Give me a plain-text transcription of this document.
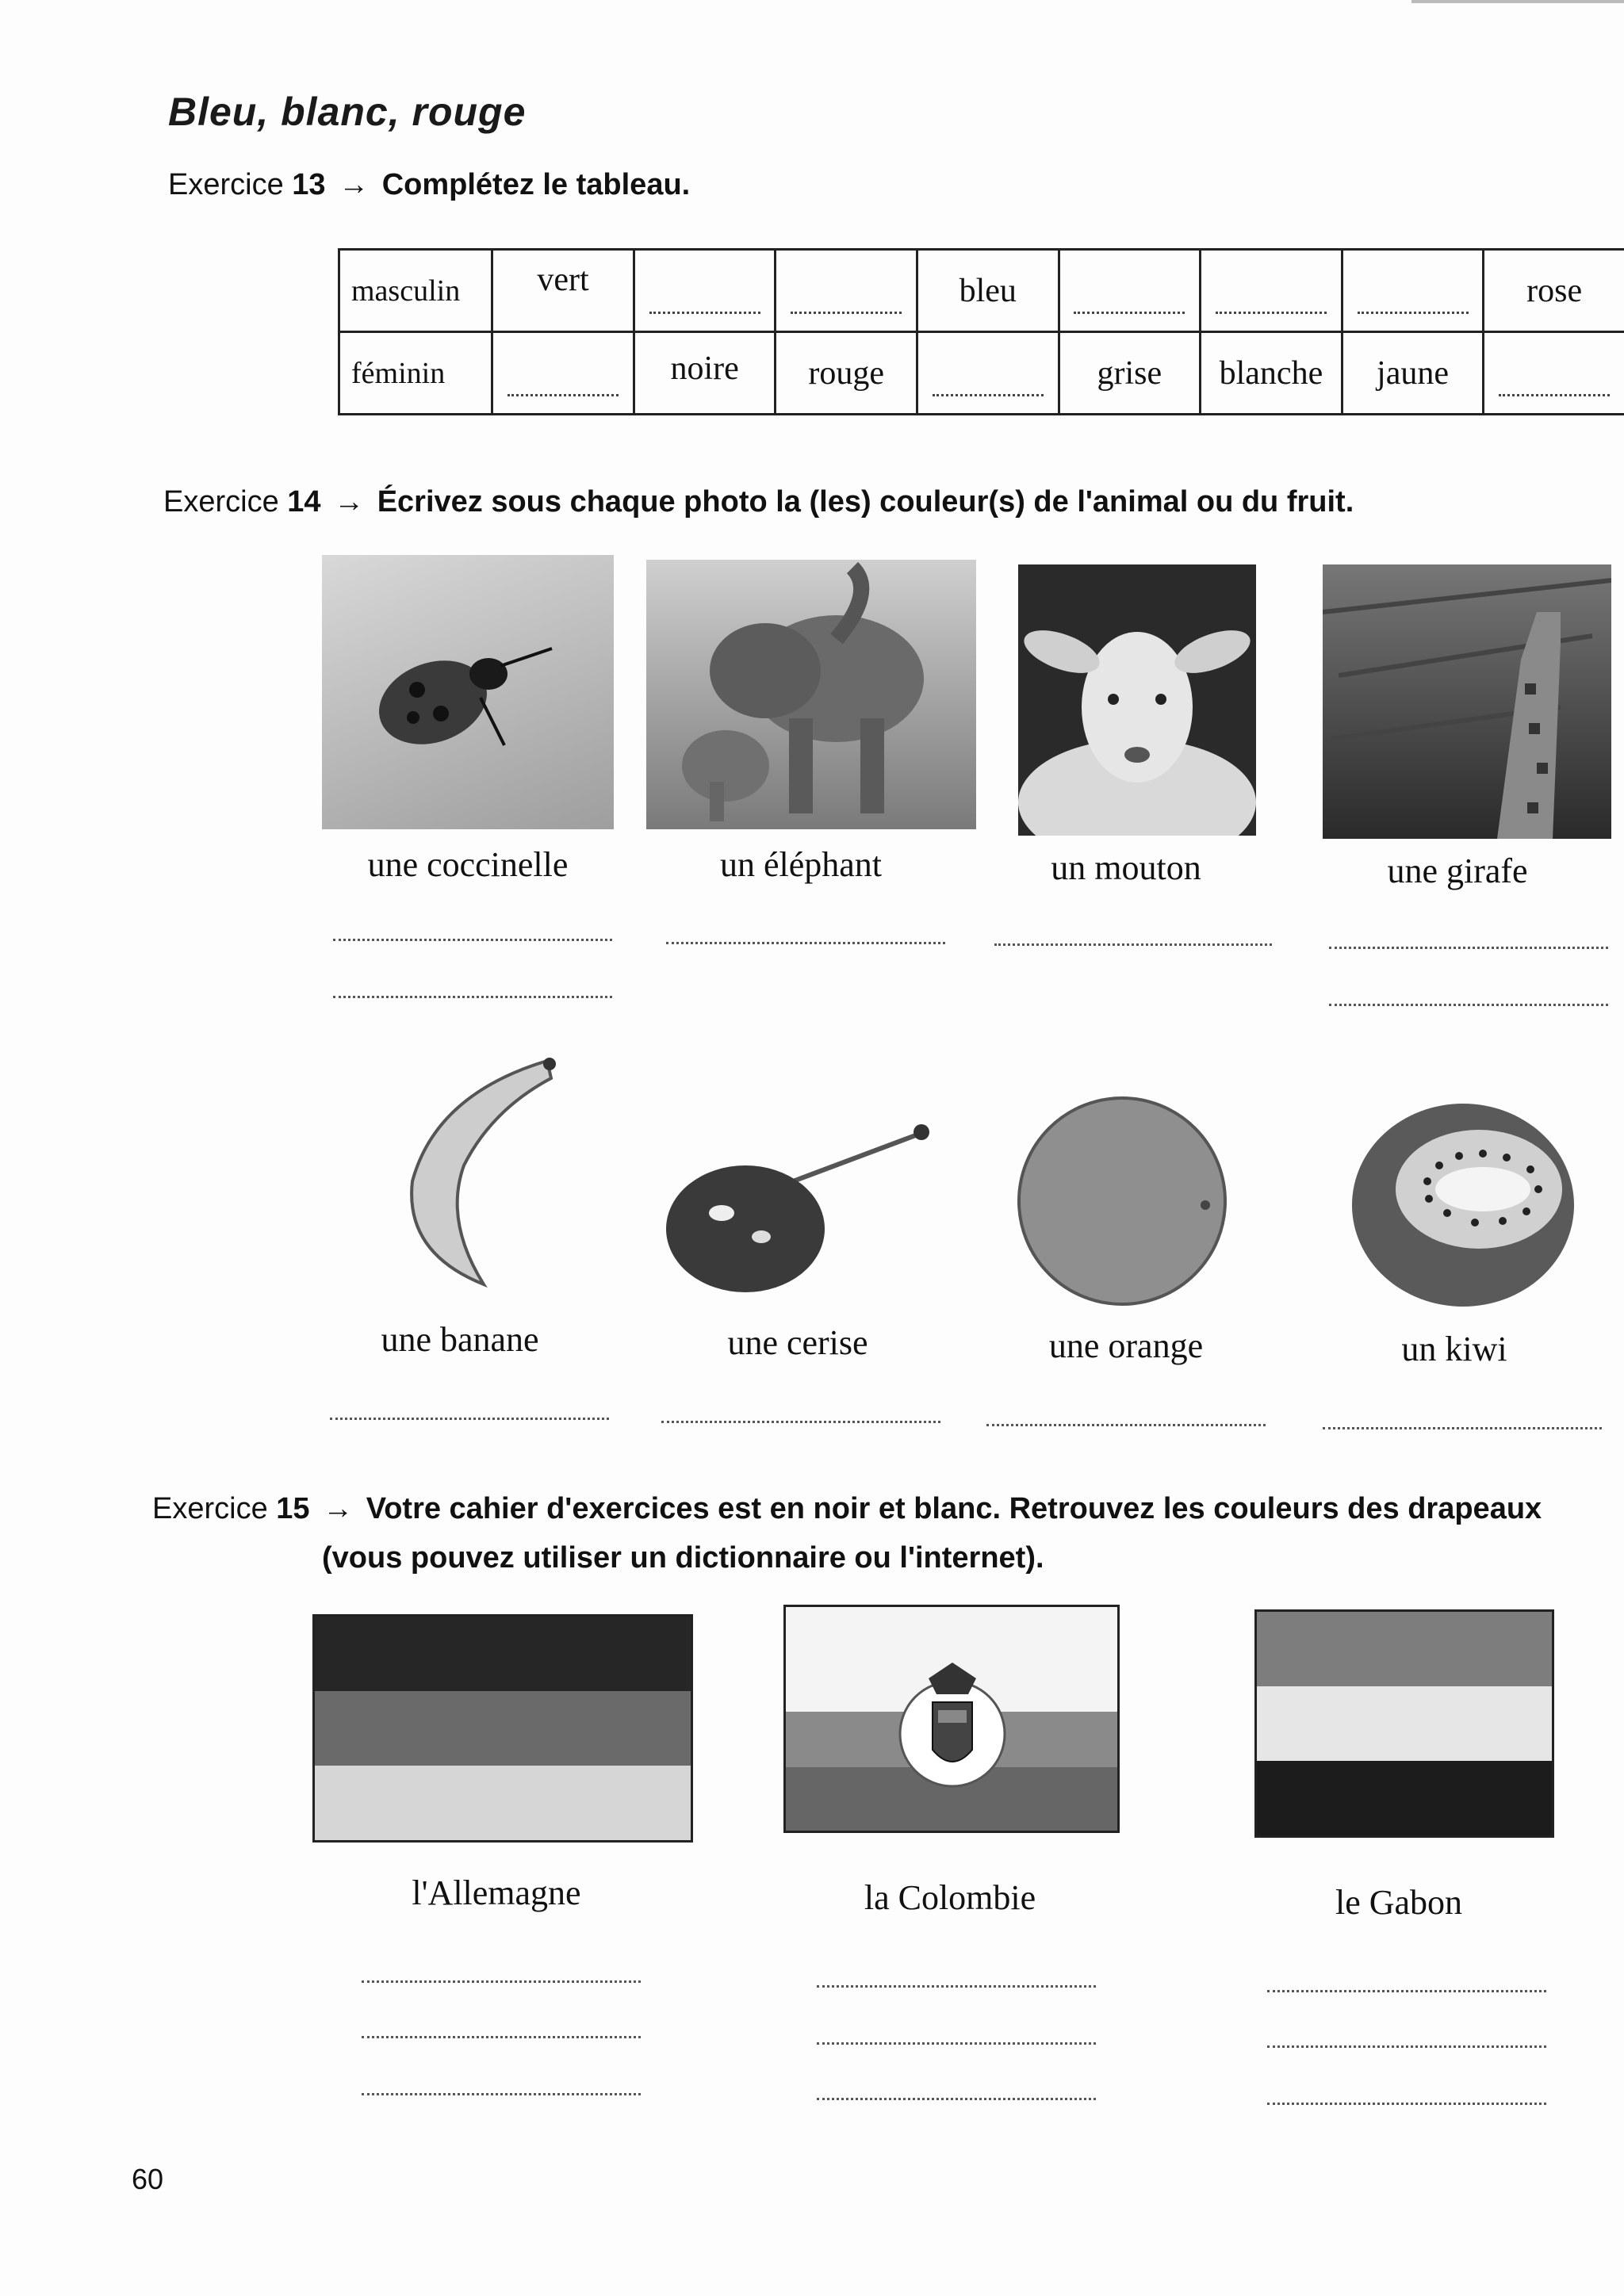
Bleu, blanc, rouge
Exercice 13 → Complétez le tableau.
masculin	vert			bleu				rose
féminin		noire	rouge		grise	blanche	jaune	
Exercice 14 → Écrivez sous chaque photo la (les) couleur(s) de l'animal ou du fruit.
une coccinelle	un éléphant	un mouton	une girafe
une banane	une cerise	une orange	un kiwi
Exercice 15 → Votre cahier d'exercices est en noir et blanc. Retrouvez les couleurs des drapeaux
(vous pouvez utiliser un dictionnaire ou l'internet).
l'Allemagne	la Colombie	le Gabon
60
